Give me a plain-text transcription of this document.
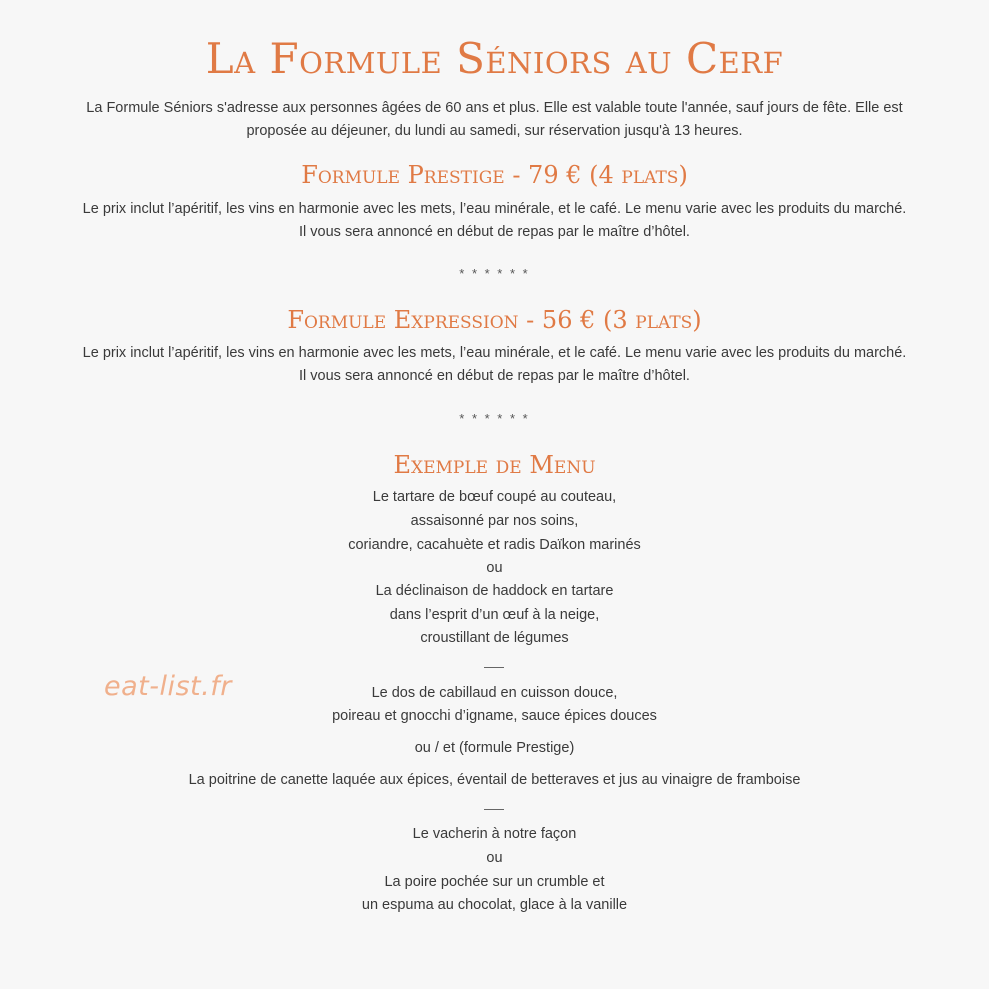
La Formule Séniors au Cerf

La Formule Séniors s'adresse aux personnes âgées de 60 ans et plus. Elle est valable toute l'année, sauf jours de fête. Elle est
proposée au déjeuner, du lundi au samedi, sur réservation jusqu'à 13 heures.

Formule Prestige - 79 € (4 plats)

Le prix inclut l’apéritif, les vins en harmonie avec les mets, l’eau minérale, et le café. Le menu varie avec les produits du marché.
Il vous sera annoncé en début de repas par le maître d’hôtel.

* * * * * *

Formule Expression - 56 € (3 plats)

Le prix inclut l’apéritif, les vins en harmonie avec les mets, l’eau minérale, et le café. Le menu varie avec les produits du marché.
Il vous sera annoncé en début de repas par le maître d’hôtel.

* * * * * *

Exemple de Menu

Le tartare de bœuf coupé au couteau,

assaisonné par nos soins,

coriandre, cacahuète et radis Daïkon marinés

ou

La déclinaison de haddock en tartare

dans l’esprit d’un œuf à la neige,

croustillant de légumes

Le dos de cabillaud en cuisson douce,

poireau et gnocchi d’igname, sauce épices douces

ou / et (formule Prestige)

La poitrine de canette laquée aux épices, éventail de betteraves et jus au vinaigre de framboise

Le vacherin à notre façon

ou

La poire pochée sur un crumble et

un espuma au chocolat, glace à la vanille

eat-list.fr
